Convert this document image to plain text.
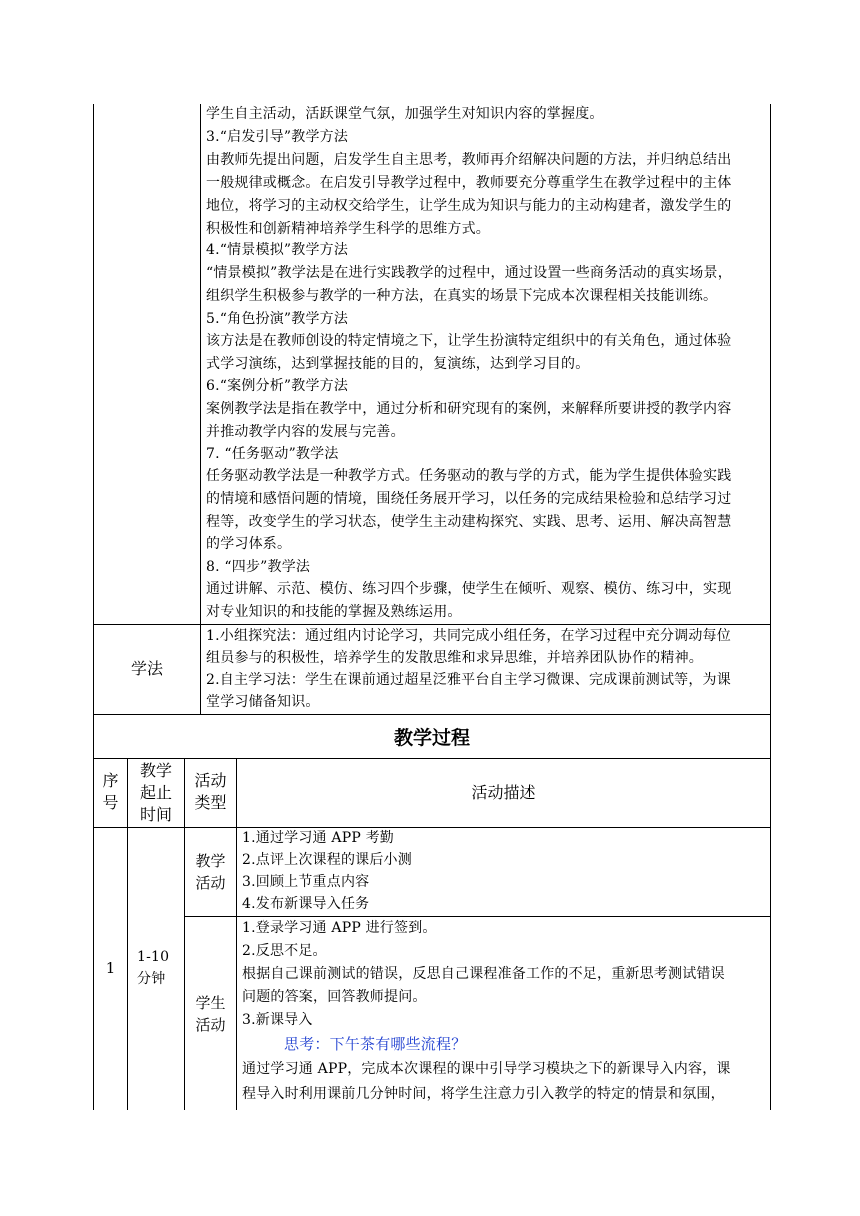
学生自主活动，活跃课堂气氛，加强学生对知识内容的掌握度。
3.“启发引导”教学方法
由教师先提出问题，启发学生自主思考，教师再介绍解决问题的方法，并归纳总结出
一般规律或概念。在启发引导教学过程中，教师要充分尊重学生在教学过程中的主体
地位，将学习的主动权交给学生，让学生成为知识与能力的主动构建者，激发学生的
积极性和创新精神培养学生科学的思维方式。
4.“情景模拟”教学方法
“情景模拟”教学法是在进行实践教学的过程中，通过设置一些商务活动的真实场景，
组织学生积极参与教学的一种方法，在真实的场景下完成本次课程相关技能训练。
5.“角色扮演”教学方法
该方法是在教师创设的特定情境之下，让学生扮演特定组织中的有关角色，通过体验
式学习演练，达到掌握技能的目的，复演练，达到学习目的。
6.“案例分析”教学方法
案例教学法是指在教学中，通过分析和研究现有的案例，来解释所要讲授的教学内容
并推动教学内容的发展与完善。
7. “任务驱动”教学法
任务驱动教学法是一种教学方式。任务驱动的教与学的方式，能为学生提供体验实践
的情境和感悟问题的情境，围绕任务展开学习，以任务的完成结果检验和总结学习过
程等，改变学生的学习状态，使学生主动建构探究、实践、思考、运用、解决高智慧
的学习体系。
8. “四步”教学法
通过讲解、示范、模仿、练习四个步骤，使学生在倾听、观察、模仿、练习中，实现
对专业知识的和技能的掌握及熟练运用。
学法
1.小组探究法：通过组内讨论学习，共同完成小组任务，在学习过程中充分调动每位
组员参与的积极性，培养学生的发散思维和求异思维，并培养团队协作的精神。
2.自主学习法：学生在课前通过超星泛雅平台自主学习微课、完成课前测试等，为课
堂学习储备知识。
教学过程
序
号
教学
起止
时间
活动
类型
活动描述
1
1-10
分钟
教学
活动
1.通过学习通 APP 考勤
2.点评上次课程的课后小测
3.回顾上节重点内容
4.发布新课导入任务
学生
活动
1.登录学习通 APP 进行签到。
2.反思不足。
根据自己课前测试的错误，反思自己课程准备工作的不足，重新思考测试错误
问题的答案，回答教师提问。
3.新课导入
思考：下午茶有哪些流程？
通过学习通 APP，完成本次课程的课中引导学习模块之下的新课导入内容，课
程导入时利用课前几分钟时间，将学生注意力引入教学的特定的情景和氛围，
